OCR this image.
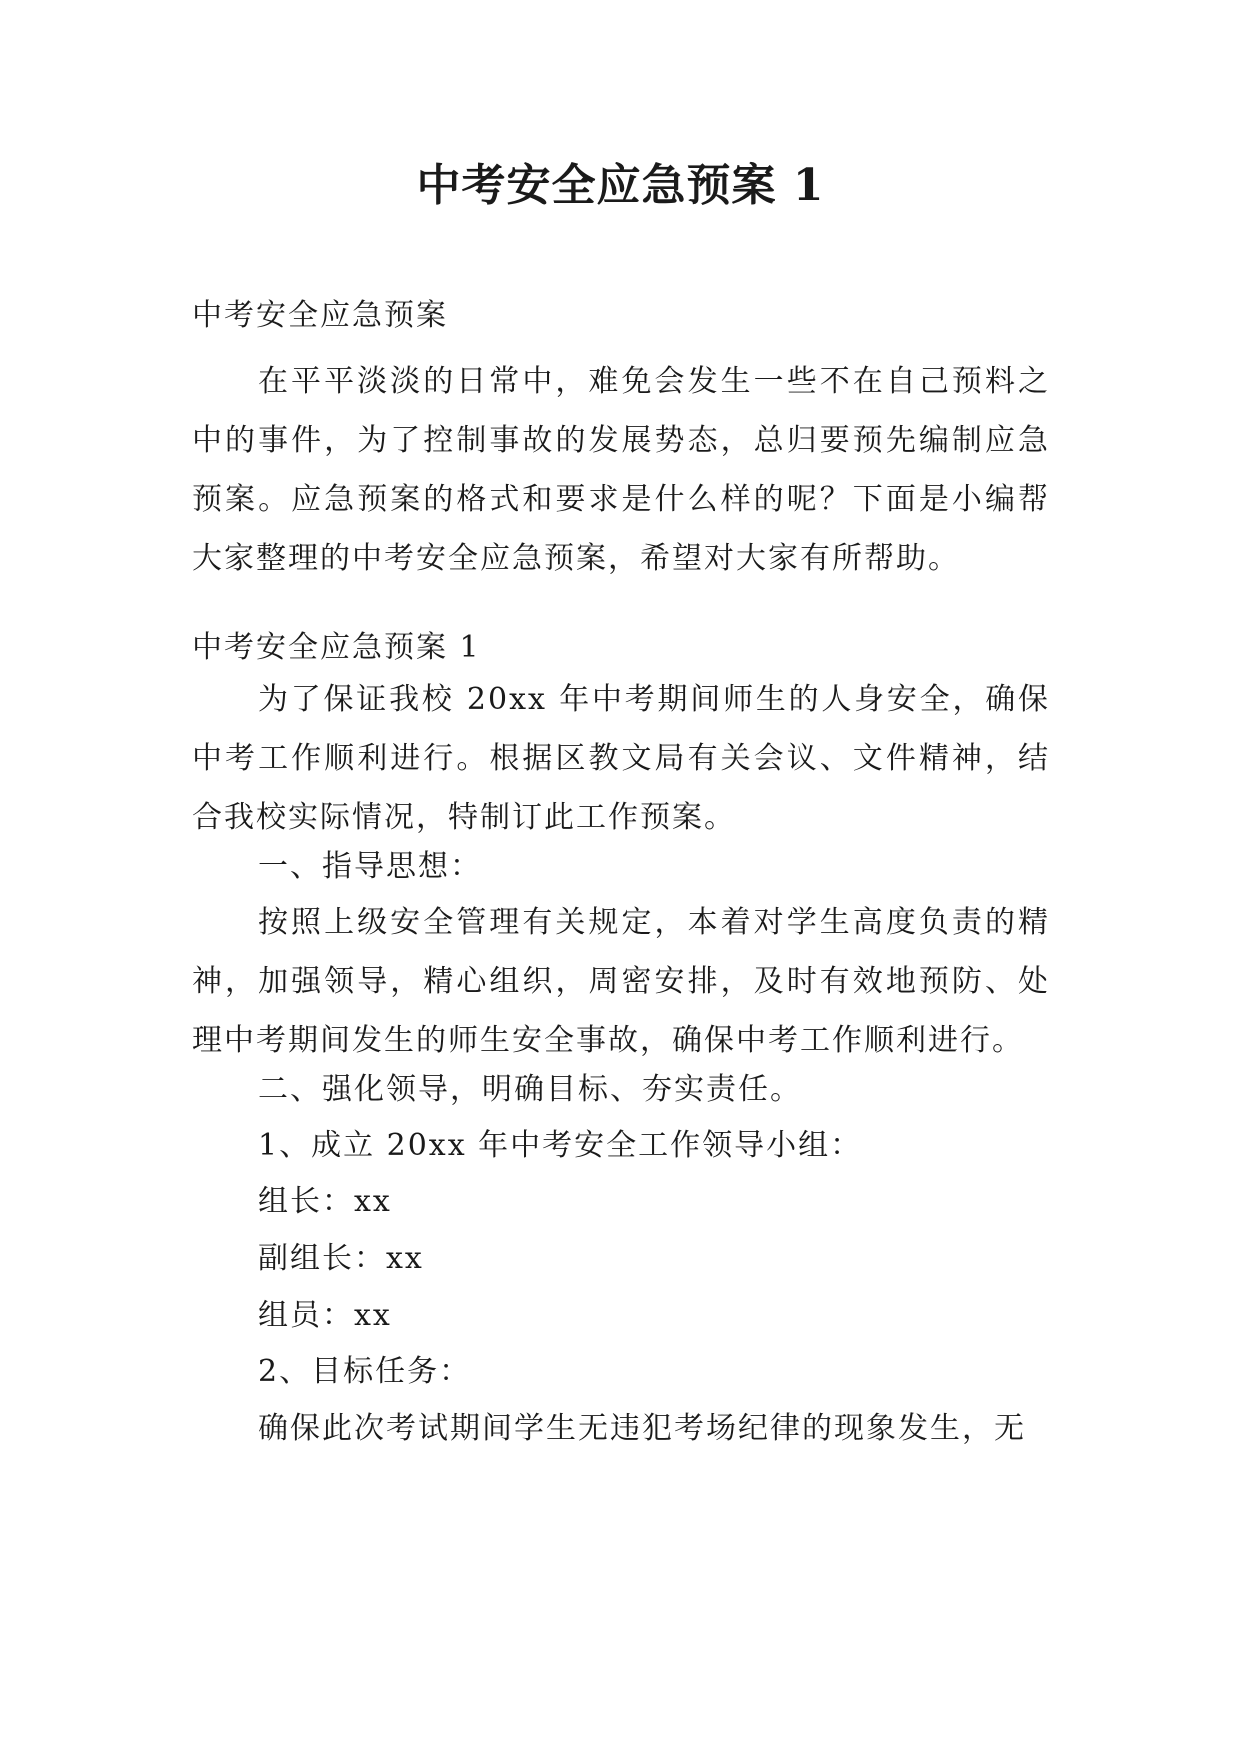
中考安全应急预案 1
中考安全应急预案
在平平淡淡的日常中，难免会发生一些不在自己预料之中的事件，为了控制事故的发展势态，总归要预先编制应急预案。应急预案的格式和要求是什么样的呢？下面是小编帮大家整理的中考安全应急预案，希望对大家有所帮助。
中考安全应急预案 1
为了保证我校 20xx 年中考期间师生的人身安全，确保中考工作顺利进行。根据区教文局有关会议、文件精神，结合我校实际情况，特制订此工作预案。
一、指导思想：
按照上级安全管理有关规定，本着对学生高度负责的精神，加强领导，精心组织，周密安排，及时有效地预防、处理中考期间发生的师生安全事故，确保中考工作顺利进行。
二、强化领导，明确目标、夯实责任。
1、成立 20xx 年中考安全工作领导小组：
组长：xx
副组长：xx
组员：xx
2、目标任务：
确保此次考试期间学生无违犯考场纪律的现象发生，无
